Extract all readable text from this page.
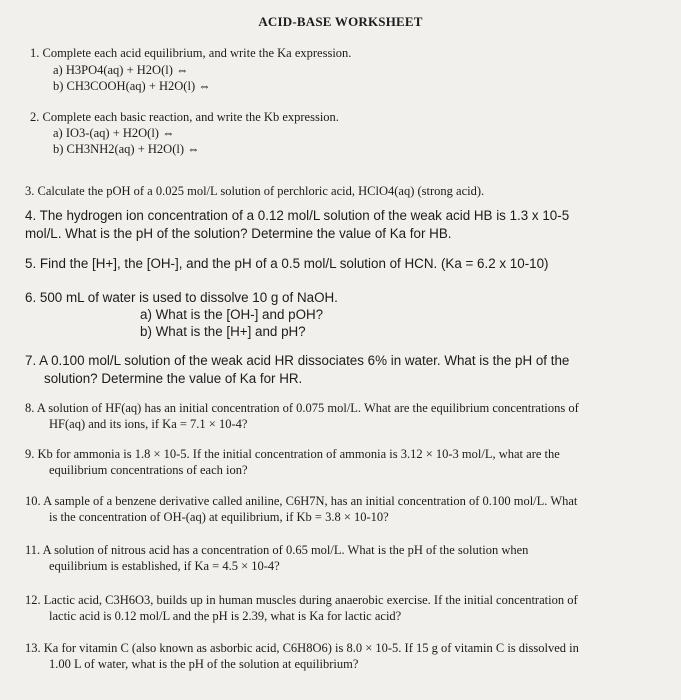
ACID-BASE WORKSHEET
1. Complete each acid equilibrium, and write the Ka expression.
a) H3PO4(aq) + H2O(l) ⇔
b) CH3COOH(aq) + H2O(l) ⇔
2. Complete each basic reaction, and write the Kb expression.
a) IO3-(aq) + H2O(l) ⇔
b) CH3NH2(aq) + H2O(l) ⇔
3. Calculate the pOH of a 0.025 mol/L solution of perchloric acid, HClO4(aq) (strong acid).
4. The hydrogen ion concentration of a 0.12 mol/L solution of the weak acid HB is 1.3 x 10-5
mol/L. What is the pH of the solution? Determine the value of Ka for HB.
5. Find the [H+], the [OH-], and the pH of a 0.5 mol/L solution of HCN. (Ka = 6.2 x 10-10)
6. 500 mL of water is used to dissolve 10 g of NaOH.
a) What is the [OH-] and pOH?
b) What is the [H+] and pH?
7. A 0.100 mol/L solution of the weak acid HR dissociates 6% in water. What is the pH of the
solution? Determine the value of Ka for HR.
8. A solution of HF(aq) has an initial concentration of 0.075 mol/L. What are the equilibrium concentrations of
HF(aq) and its ions, if Ka = 7.1 × 10-4?
9. Kb for ammonia is 1.8 × 10-5. If the initial concentration of ammonia is 3.12 × 10-3 mol/L, what are the
equilibrium concentrations of each ion?
10. A sample of a benzene derivative called aniline, C6H7N, has an initial concentration of 0.100 mol/L. What
is the concentration of OH-(aq) at equilibrium, if Kb = 3.8 × 10-10?
11. A solution of nitrous acid has a concentration of 0.65 mol/L. What is the pH of the solution when
equilibrium is established, if Ka = 4.5 × 10-4?
12. Lactic acid, C3H6O3, builds up in human muscles during anaerobic exercise. If the initial concentration of
lactic acid is 0.12 mol/L and the pH is 2.39, what is Ka for lactic acid?
13. Ka for vitamin C (also known as asborbic acid, C6H8O6) is 8.0 × 10-5. If 15 g of vitamin C is dissolved in
1.00 L of water, what is the pH of the solution at equilibrium?
